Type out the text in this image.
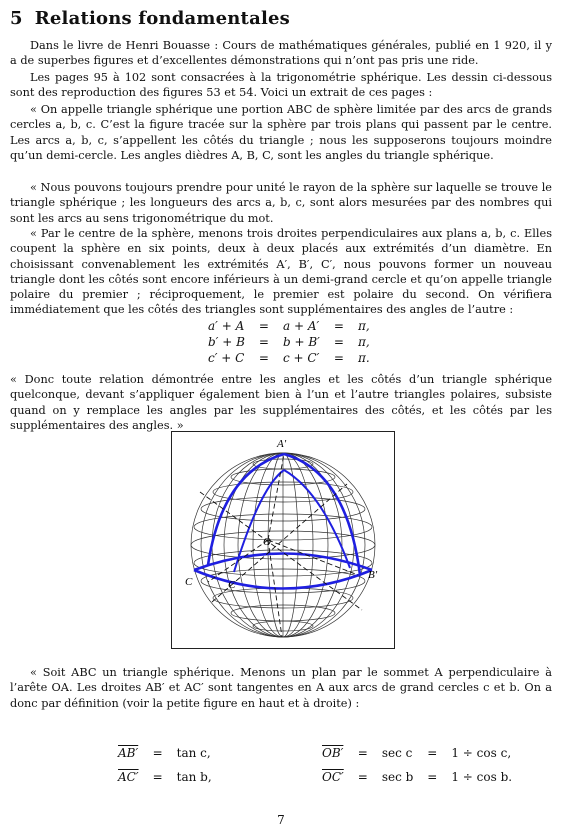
5 Relations fondamentales
Dans le livre de Henri Bouasse : Cours de mathématiques générales, publié en 1 920, il y a de superbes figures et d’excellentes démonstrations qui n’ont pas pris une ride.
Les pages 95 à 102 sont consacrées à la trigonométrie sphérique. Les dessin ci-dessous sont des reproduction des figures 53 et 54. Voici un extrait de ces pages :
« On appelle triangle sphérique une portion ABC de sphère limitée par des arcs de grands cercles a, b, c. C’est la figure tracée sur la sphère par trois plans qui passent par le centre. Les arcs a, b, c, s’appellent les côtés du triangle ; nous les supposerons toujours moindre qu’un demi-cercle. Les angles dièdres A, B, C, sont les angles du triangle sphérique.
« Nous pouvons toujours prendre pour unité le rayon de la sphère sur laquelle se trouve le triangle sphérique ; les longueurs des arcs a, b, c, sont alors mesurées par des nombres qui sont les arcs au sens trigonométrique du mot.
« Par le centre de la sphère, menons trois droites perpendiculaires aux plans a, b, c. Elles coupent la sphère en six points, deux à deux placés aux extrémités d’un diamètre. En choisissant convenablement les extrémités A′, B′, C′, nous pouvons former un nouveau triangle dont les côtés sont encore inférieurs à un demi-grand cercle et qu’on appelle triangle polaire du premier ; réciproquement, le premier est polaire du second. On vérifiera immédiatement que les côtés des triangles sont supplémentaires des angles de l’autre :
a′ + A	=	a + A′	=	π,
b′ + B	=	b + B′	=	π,
c′ + C	=	c + C′	=	π.
« Donc toute relation démontrée entre les angles et les côtés d’un triangle sphérique quelconque, devant s’appliquer également bien à l’un et l’autre triangles polaires, subsiste quand on y remplace les angles par les supplémentaires des côtés, et les côtés par les supplémentaires des angles. »
A′
O
C	C
B′
« Soit ABC un triangle sphérique. Menons un plan par le sommet A perpendiculaire à l’arête OA. Les droites AB′ et AC′ sont tangentes en A aux arcs de grand cercles c et b. On a donc par définition (voir la petite figure en haut et à droite) :
AB′	=	tan c,
AC′	=	tan b,
OB′	=	sec c	=	1 ÷ cos c,
OC′	=	sec b	=	1 ÷ cos b.
7
